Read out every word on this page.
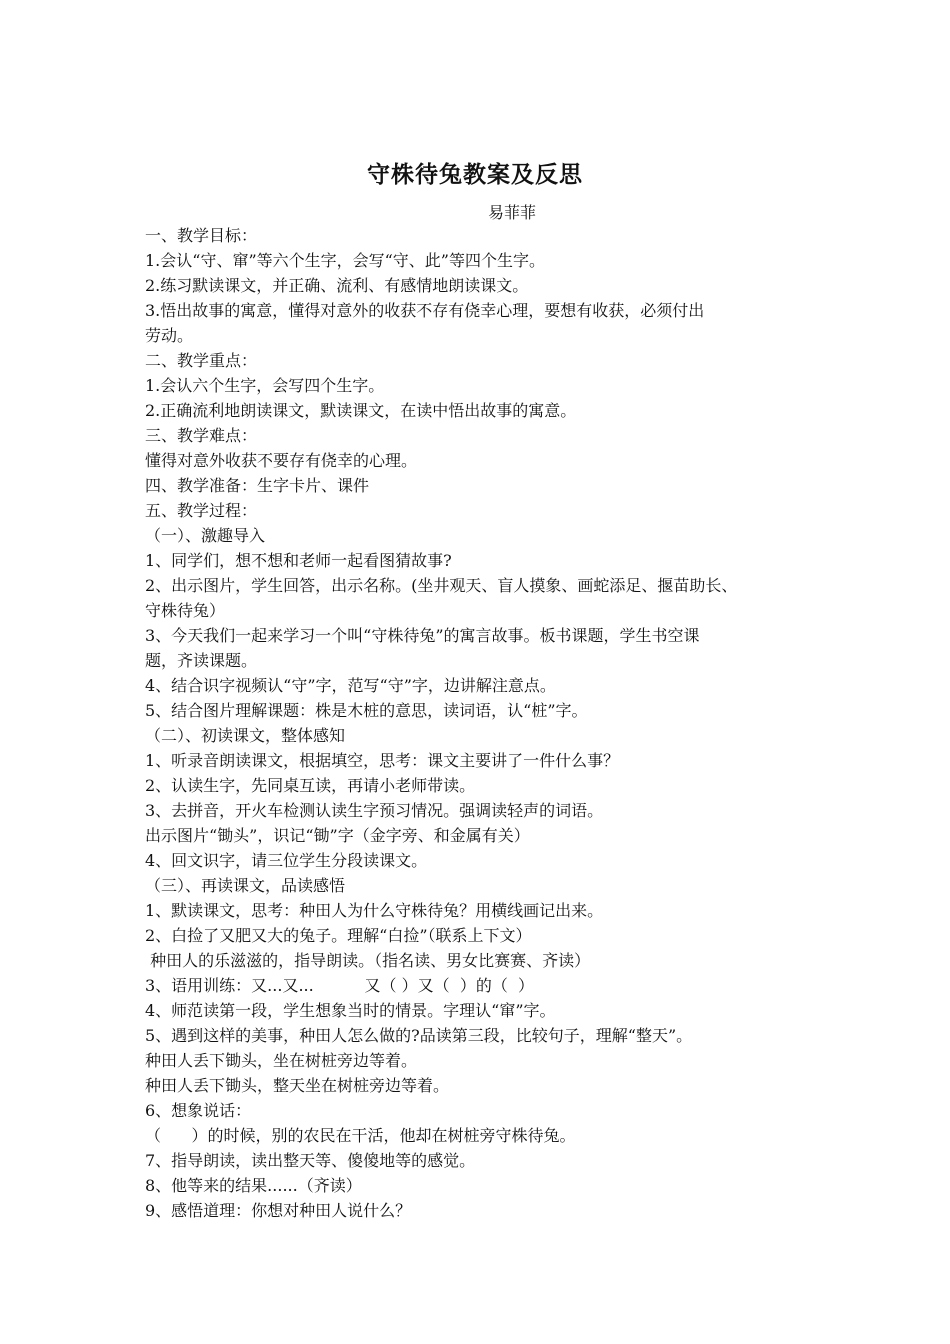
守株待兔教案及反思
易菲菲
一、教学目标：
1.会认“守、窜”等六个生字，会写“守、此”等四个生字。
2.练习默读课文，并正确、流利、有感情地朗读课文。
3.悟出故事的寓意，懂得对意外的收获不存有侥幸心理，要想有收获，必须付出
劳动。
二、教学重点：
1.会认六个生字，会写四个生字。
2.正确流利地朗读课文，默读课文，在读中悟出故事的寓意。
三、教学难点：
懂得对意外收获不要存有侥幸的心理。
四、教学准备：生字卡片、课件
五、教学过程：
（一）、激趣导入
1、同学们，想不想和老师一起看图猜故事?
2、出示图片，学生回答，出示名称。(坐井观天、盲人摸象、画蛇添足、揠苗助长、
守株待兔）
3、今天我们一起来学习一个叫“守株待兔”的寓言故事。板书课题，学生书空课
题，齐读课题。
4、结合识字视频认“守”字，范写“守”字，边讲解注意点。
5、结合图片理解课题：株是木桩的意思，读词语，认“桩”字。
（二）、初读课文，整体感知
1、听录音朗读课文，根据填空，思考：课文主要讲了一件什么事？
2、认读生字，先同桌互读，再请小老师带读。
3、去拼音，开火车检测认读生字预习情况。强调读轻声的词语。
出示图片“锄头”，识记“锄”字（金字旁、和金属有关）
4、回文识字，请三位学生分段读课文。
（三）、再读课文，品读感悟
1、默读课文，思考：种田人为什么守株待兔？用横线画记出来。
2、白捡了又肥又大的兔子。理解“白捡”（联系上下文）
种田人的乐滋滋的，指导朗读。（指名读、男女比赛赛、齐读）
3、语用训练：又...又...          又（ ）又（  ）的（  ）
4、师范读第一段，学生想象当时的情景。字理认“窜”字。
5、遇到这样的美事，种田人怎么做的?品读第三段，比较句子，理解“整天”。
种田人丢下锄头，坐在树桩旁边等着。
种田人丢下锄头，整天坐在树桩旁边等着。
6、想象说话：
（      ）的时候，别的农民在干活，他却在树桩旁守株待兔。
7、指导朗读，读出整天等、傻傻地等的感觉。
8、他等来的结果......（齐读）
9、感悟道理：你想对种田人说什么？
